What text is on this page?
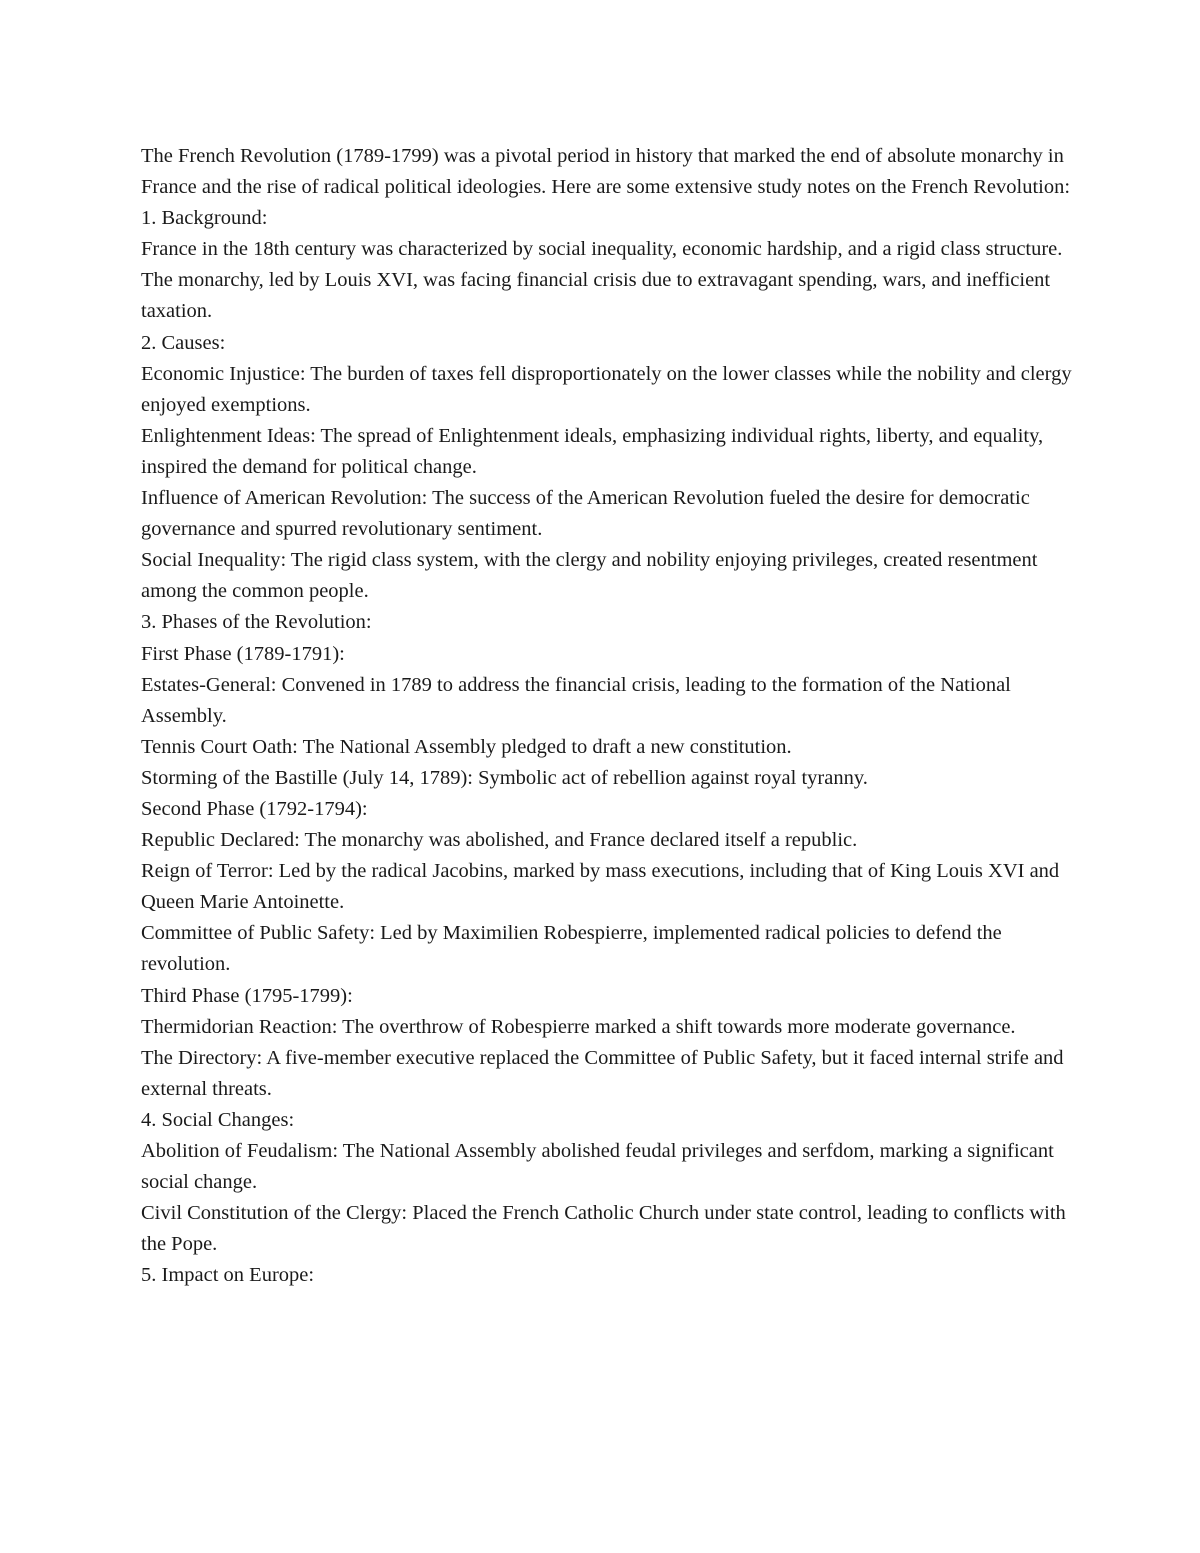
The French Revolution (1789-1799) was a pivotal period in history that marked the end of absolute monarchy in France and the rise of radical political ideologies. Here are some extensive study notes on the French Revolution:

1. Background:

France in the 18th century was characterized by social inequality, economic hardship, and a rigid class structure.

The monarchy, led by Louis XVI, was facing financial crisis due to extravagant spending, wars, and inefficient taxation.

2. Causes:

Economic Injustice: The burden of taxes fell disproportionately on the lower classes while the nobility and clergy enjoyed exemptions.

Enlightenment Ideas: The spread of Enlightenment ideals, emphasizing individual rights, liberty, and equality, inspired the demand for political change.

Influence of American Revolution: The success of the American Revolution fueled the desire for democratic governance and spurred revolutionary sentiment.

Social Inequality: The rigid class system, with the clergy and nobility enjoying privileges, created resentment among the common people.

3. Phases of the Revolution:

First Phase (1789-1791):

Estates-General: Convened in 1789 to address the financial crisis, leading to the formation of the National Assembly.

Tennis Court Oath: The National Assembly pledged to draft a new constitution.

Storming of the Bastille (July 14, 1789): Symbolic act of rebellion against royal tyranny.

Second Phase (1792-1794):

Republic Declared: The monarchy was abolished, and France declared itself a republic.

Reign of Terror: Led by the radical Jacobins, marked by mass executions, including that of King Louis XVI and Queen Marie Antoinette.

Committee of Public Safety: Led by Maximilien Robespierre, implemented radical policies to defend the revolution.

Third Phase (1795-1799):

Thermidorian Reaction: The overthrow of Robespierre marked a shift towards more moderate governance.

The Directory: A five-member executive replaced the Committee of Public Safety, but it faced internal strife and external threats.

4. Social Changes:

Abolition of Feudalism: The National Assembly abolished feudal privileges and serfdom, marking a significant social change.

Civil Constitution of the Clergy: Placed the French Catholic Church under state control, leading to conflicts with the Pope.

5. Impact on Europe:
